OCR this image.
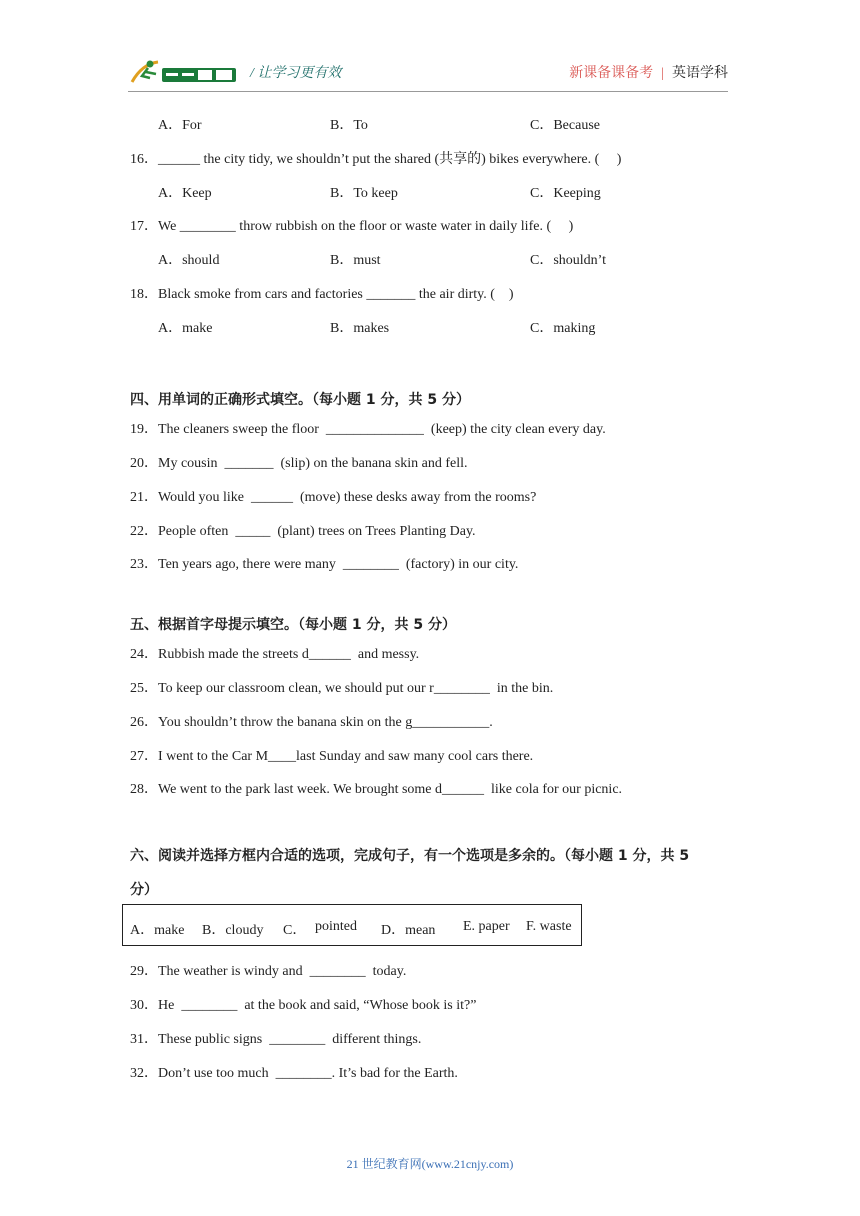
/ 让学习更有效	新课备课备考 | 英语学科
A．For	B．To	C．Because
16．______ the city tidy, we shouldn’t put the shared (共享的) bikes everywhere. (     )
A．Keep	B．To keep	C．Keeping
17．We ________ throw rubbish on the floor or waste water in daily life. (     )
A．should	B．must	C．shouldn’t
18．Black smoke from cars and factories _______ the air dirty. (    )
A．make	B．makes	C．making
四、用单词的正确形式填空。（每小题 1 分，共 5 分）
19．The cleaners sweep the floor  ______________  (keep) the city clean every day.
20．My cousin  _______  (slip) on the banana skin and fell.
21．Would you like  ______  (move) these desks away from the rooms?
22．People often  _____  (plant) trees on Trees Planting Day.
23．Ten years ago, there were many  ________  (factory) in our city.
五、根据首字母提示填空。（每小题 1 分，共 5 分）
24．Rubbish made the streets d______  and messy.
25．To keep our classroom clean, we should put our r________  in the bin.
26．You shouldn’t throw the banana skin on the g___________.
27．I went to the Car M____last Sunday and saw many cool cars there.
28．We went to the park last week. We brought some d______  like cola for our picnic.
六、阅读并选择方框内合适的选项，完成句子，有一个选项是多余的。（每小题 1 分，共 5
分）
A．make B．cloudy C． pointed D．mean E. paper F. waste
29．The weather is windy and  ________  today.
30．He  ________  at the book and said, “Whose book is it?”
31．These public signs  ________  different things.
32．Don’t use too much  ________. It’s bad for the Earth.
21 世纪教育网(www.21cnjy.com)
